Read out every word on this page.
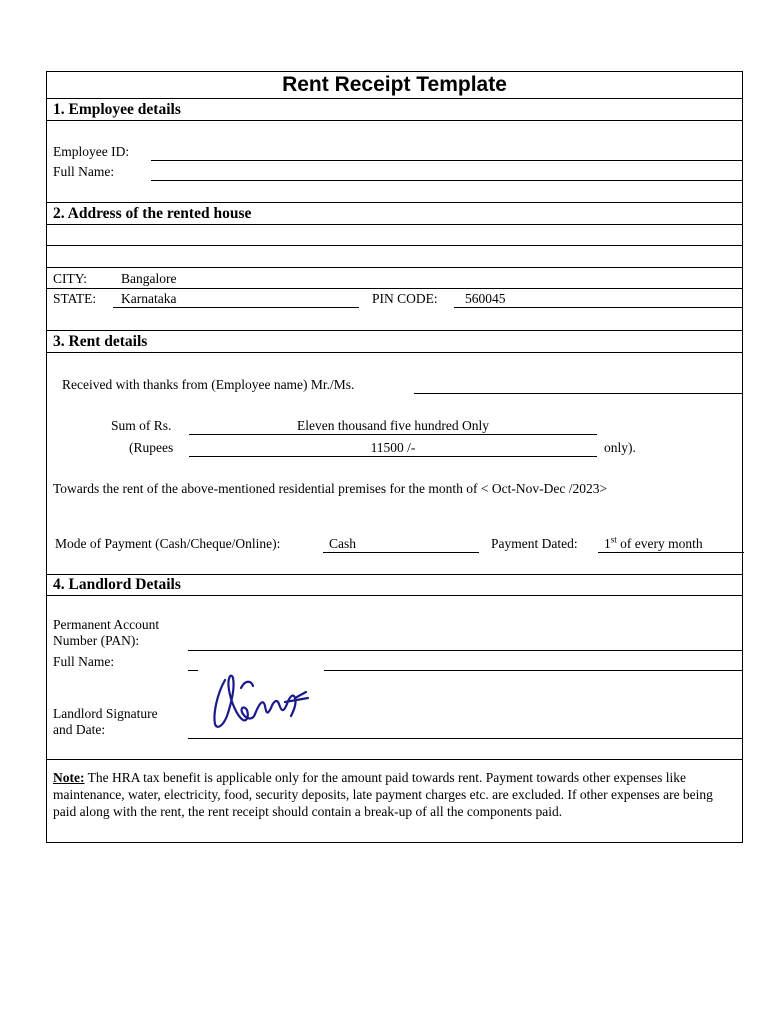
Rent Receipt Template
1. Employee details
Employee ID:
Full Name:
2. Address of the rented house
CITY:	Bangalore
STATE: Karnataka	PIN CODE: 560045
3. Rent details
Received with thanks from (Employee name) Mr./Ms.
Sum of Rs.	Eleven thousand five hundred Only
(Rupees	11500 /-	only).
Towards the rent of the above-mentioned residential premises for the month of < Oct-Nov-Dec /2023>
Mode of Payment (Cash/Cheque/Online):	Cash	Payment Dated: 1st of every month
4. Landlord Details
Permanent Account
Number (PAN):
Full Name:
Landlord Signature
and Date:
Note: The HRA tax benefit is applicable only for the amount paid towards rent. Payment towards other expenses like maintenance, water, electricity, food, security deposits, late payment charges etc. are excluded. If other expenses are being paid along with the rent, the rent receipt should contain a break-up of all the components paid.
